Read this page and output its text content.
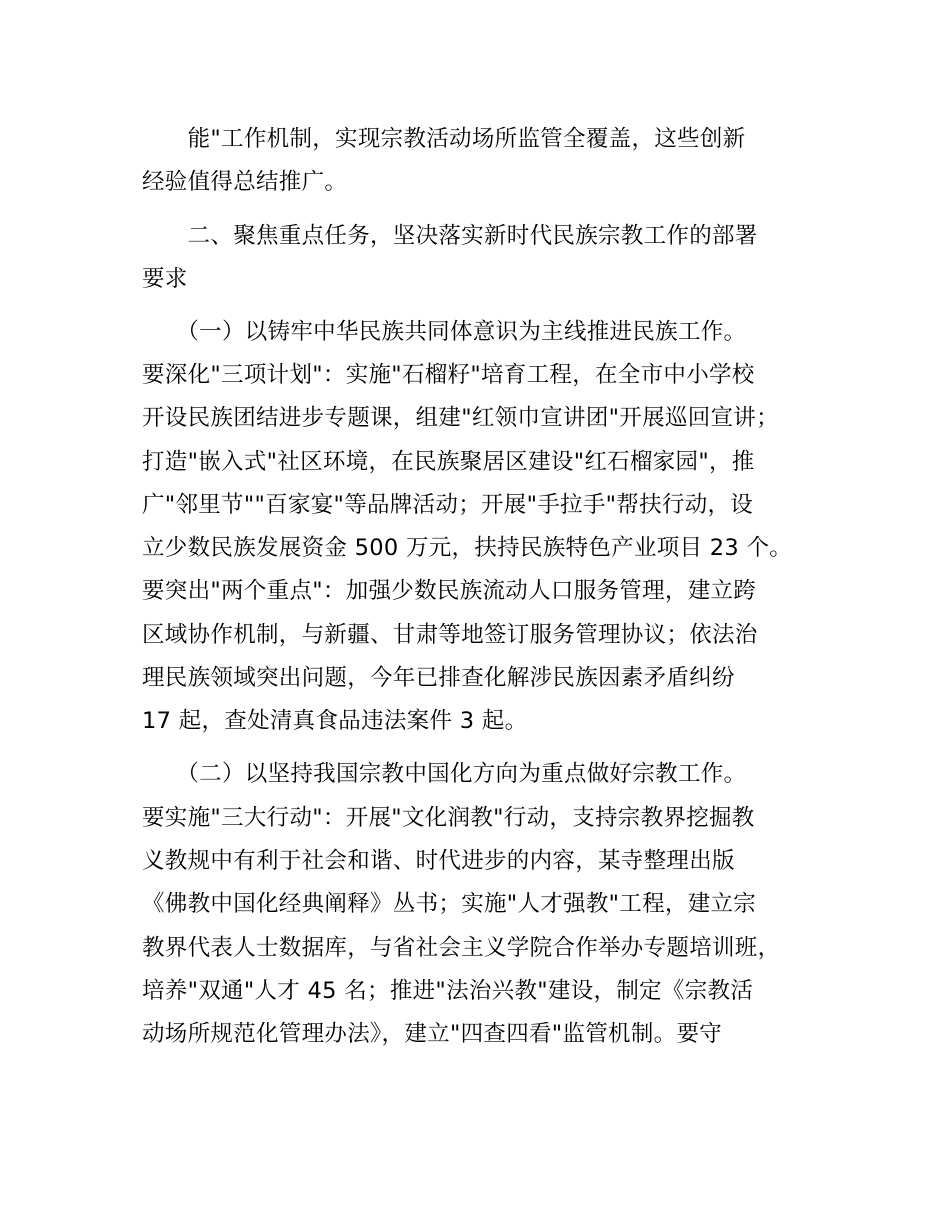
　　能"工作机制，实现宗教活动场所监管全覆盖，这些创新
经验值得总结推广。
　　二、聚焦重点任务，坚决落实新时代民族宗教工作的部署
要求
　　（一）以铸牢中华民族共同体意识为主线推进民族工作。
要深化"三项计划"：实施"石榴籽"培育工程，在全市中小学校
开设民族团结进步专题课，组建"红领巾宣讲团"开展巡回宣讲；
打造"嵌入式"社区环境，在民族聚居区建设"红石榴家园"，推
广"邻里节""百家宴"等品牌活动；开展"手拉手"帮扶行动，设
立少数民族发展资金 500 万元，扶持民族特色产业项目 23 个。
要突出"两个重点"：加强少数民族流动人口服务管理，建立跨
区域协作机制，与新疆、甘肃等地签订服务管理协议；依法治
理民族领域突出问题，今年已排查化解涉民族因素矛盾纠纷
17 起，查处清真食品违法案件 3 起。
　　（二）以坚持我国宗教中国化方向为重点做好宗教工作。
要实施"三大行动"：开展"文化润教"行动，支持宗教界挖掘教
义教规中有利于社会和谐、时代进步的内容，某寺整理出版
《佛教中国化经典阐释》丛书；实施"人才强教"工程，建立宗
教界代表人士数据库，与省社会主义学院合作举办专题培训班，
培养"双通"人才 45 名；推进"法治兴教"建设，制定《宗教活
动场所规范化管理办法》，建立"四查四看"监管机制。要守
